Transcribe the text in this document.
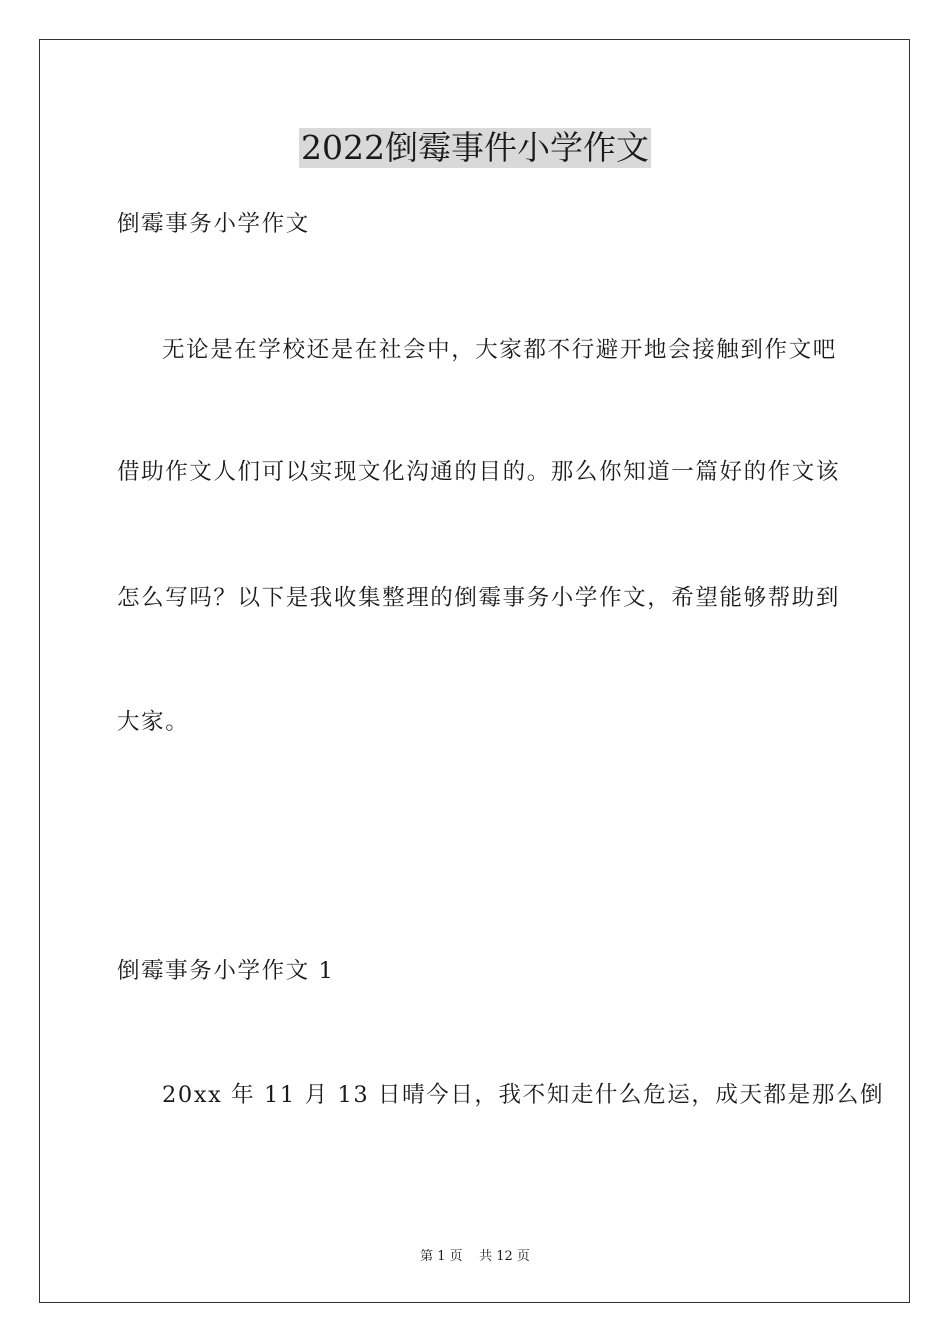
2022倒霉事件小学作文
倒霉事务小学作文
无论是在学校还是在社会中，大家都不行避开地会接触到作文吧
借助作文人们可以实现文化沟通的目的。那么你知道一篇好的作文该
怎么写吗？以下是我收集整理的倒霉事务小学作文，希望能够帮助到
大家。
倒霉事务小学作文 1
20xx 年 11 月 13 日晴今日，我不知走什么危运，成天都是那么倒
第 1 页    共 12 页
